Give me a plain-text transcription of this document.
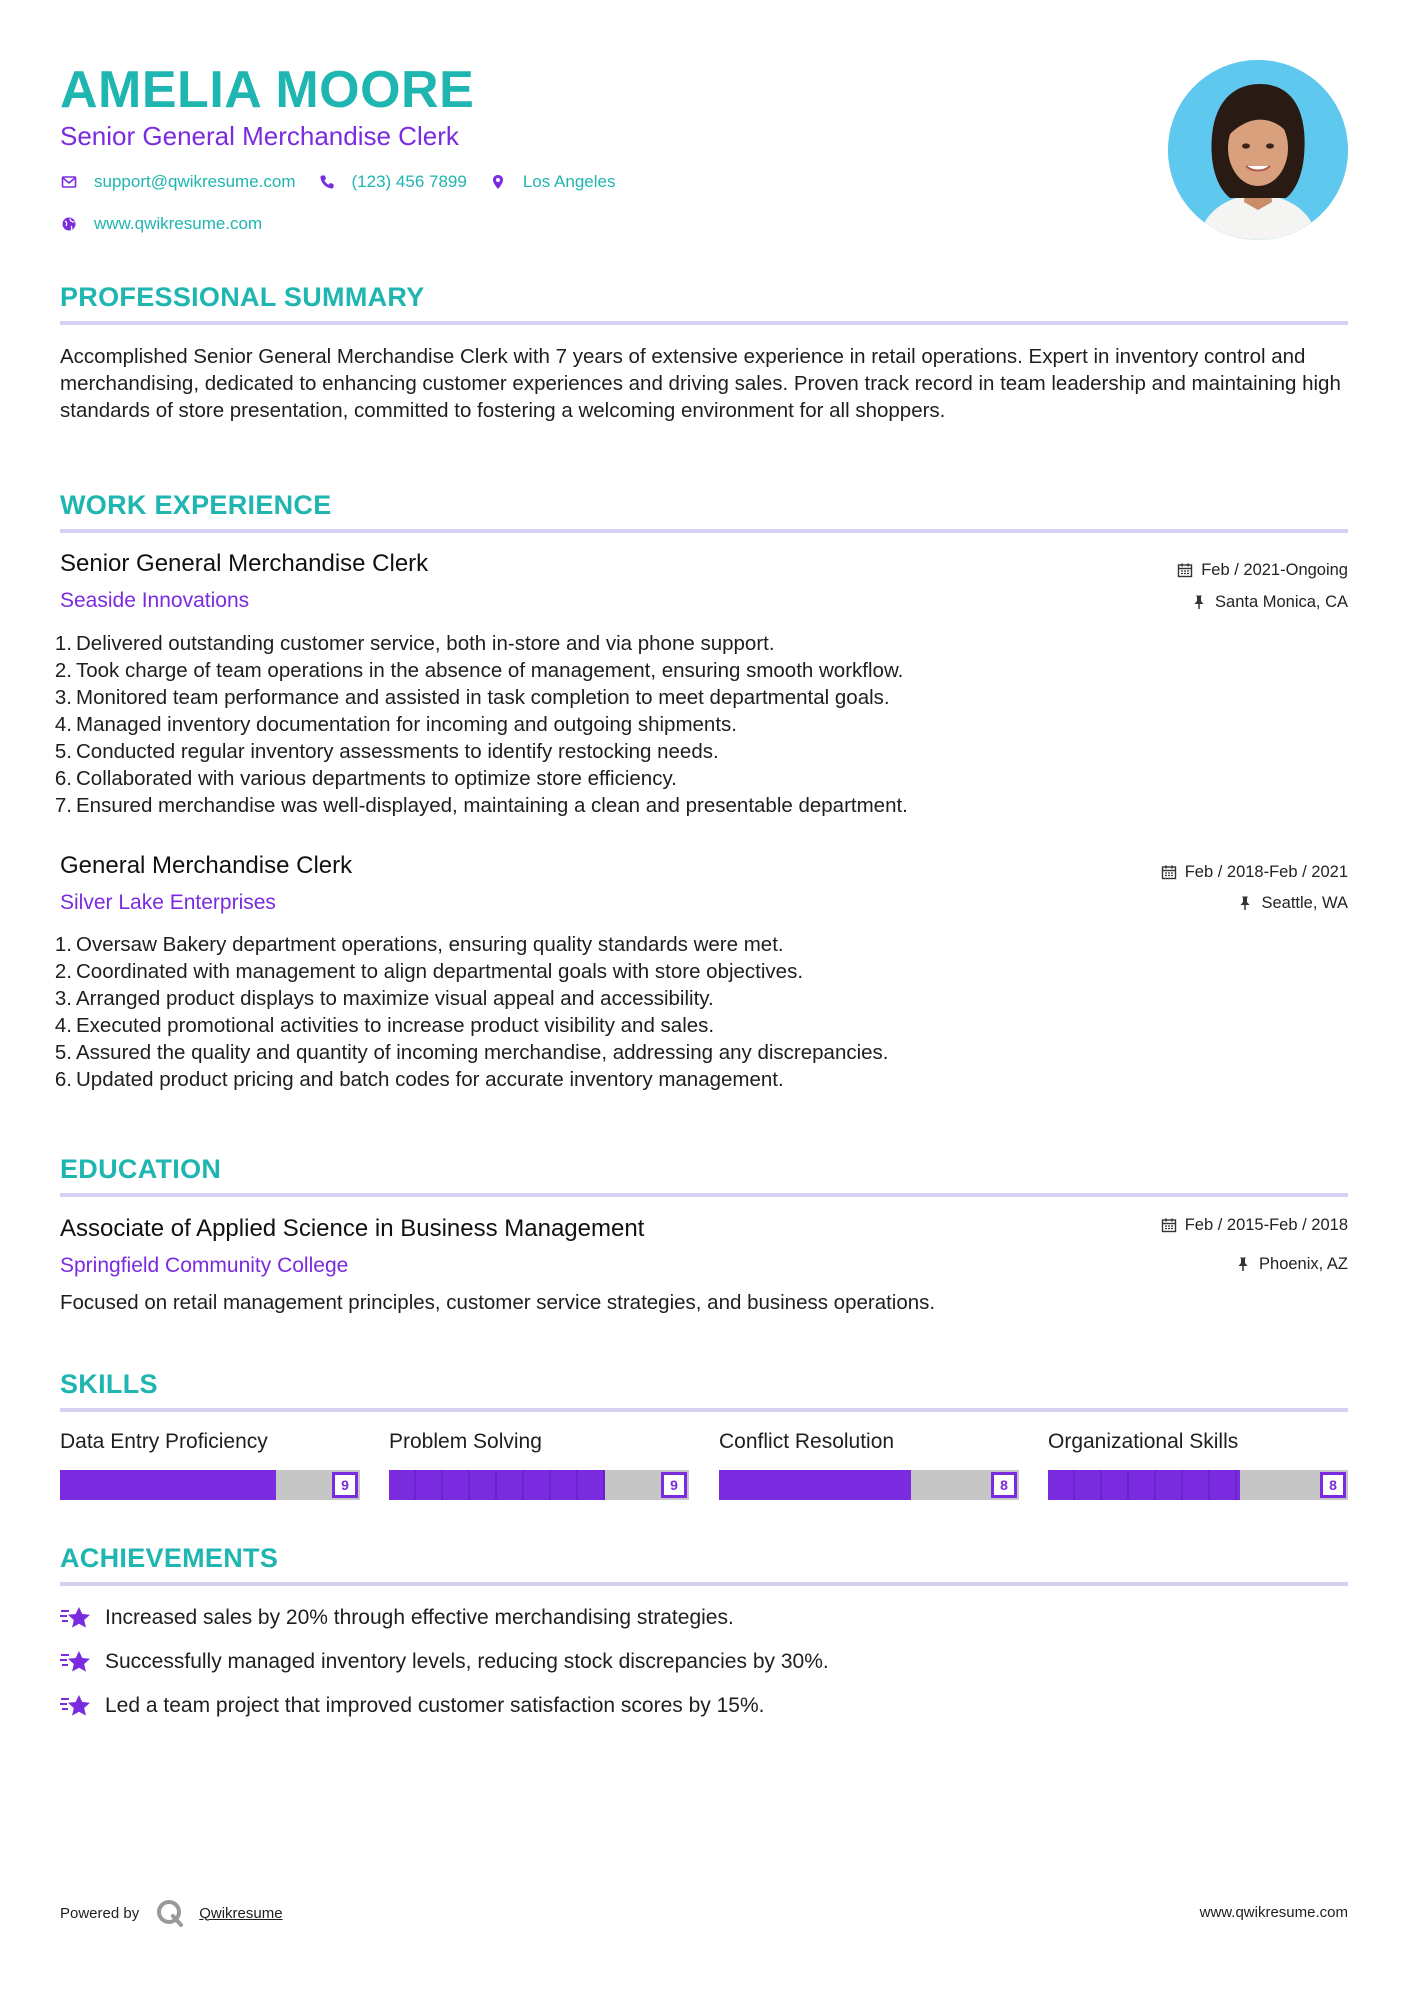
AMELIA MOORE
Senior General Merchandise Clerk
support@qwikresume.com	(123) 456 7899	Los Angeles
www.qwikresume.com
PROFESSIONAL SUMMARY

Accomplished Senior General Merchandise Clerk with 7 years of extensive experience in retail operations. Expert in inventory control and merchandising, dedicated to enhancing customer experiences and driving sales. Proven track record in team leadership and maintaining high standards of store presentation, committed to fostering a welcoming environment for all shoppers.

WORK EXPERIENCE
Senior General Merchandise Clerk
Seaside Innovations
Feb / 2021-Ongoing
Santa Monica, CA
1. Delivered outstanding customer service, both in-store and via phone support.
2. Took charge of team operations in the absence of management, ensuring smooth workflow.
3. Monitored team performance and assisted in task completion to meet departmental goals.
4. Managed inventory documentation for incoming and outgoing shipments.
5. Conducted regular inventory assessments to identify restocking needs.
6. Collaborated with various departments to optimize store efficiency.
7. Ensured merchandise was well-displayed, maintaining a clean and presentable department.
General Merchandise Clerk
Silver Lake Enterprises
Feb / 2018-Feb / 2021
Seattle, WA
1. Oversaw Bakery department operations, ensuring quality standards were met.
2. Coordinated with management to align departmental goals with store objectives.
3. Arranged product displays to maximize visual appeal and accessibility.
4. Executed promotional activities to increase product visibility and sales.
5. Assured the quality and quantity of incoming merchandise, addressing any discrepancies.
6. Updated product pricing and batch codes for accurate inventory management.
EDUCATION
Associate of Applied Science in Business Management
Springfield Community College
Feb / 2015-Feb / 2018
Phoenix, AZ
Focused on retail management principles, customer service strategies, and business operations.
SKILLS
Data Entry Proficiency
9
Problem Solving
9
Conflict Resolution
8
Organizational Skills
8
ACHIEVEMENTS
Increased sales by 20% through effective merchandising strategies.
Successfully managed inventory levels, reducing stock discrepancies by 30%.
Led a team project that improved customer satisfaction scores by 15%.
Powered by	Qwikresume	www.qwikresume.com
